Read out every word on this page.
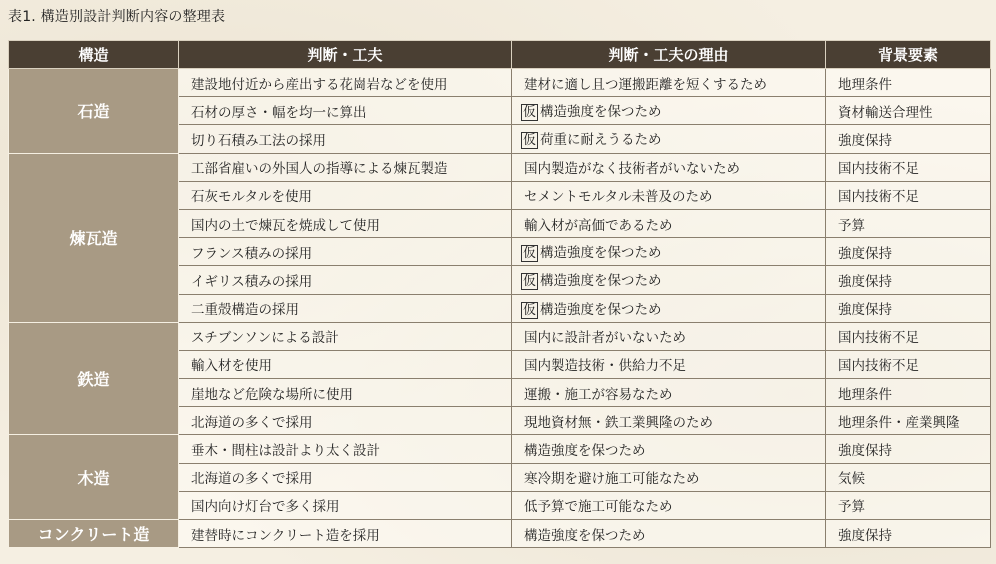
表1. 構造別設計判断内容の整理表
構造	判断・工夫	判断・工夫の理由	背景要素
石造	建設地付近から産出する花崗岩などを使用	建材に適し且つ運搬距離を短くするため	地理条件
	石材の厚さ・幅を均一に算出	仮 構造強度を保つため	資材輸送合理性
	切り石積み工法の採用	仮 荷重に耐えうるため	強度保持
煉瓦造	工部省雇いの外国人の指導による煉瓦製造	国内製造がなく技術者がいないため	国内技術不足
	石灰モルタルを使用	セメントモルタル未普及のため	国内技術不足
	国内の土で煉瓦を焼成して使用	輸入材が高価であるため	予算
	フランス積みの採用	仮 構造強度を保つため	強度保持
	イギリス積みの採用	仮 構造強度を保つため	強度保持
	二重殻構造の採用	仮 構造強度を保つため	強度保持
鉄造	スチブンソンによる設計	国内に設計者がいないため	国内技術不足
	輸入材を使用	国内製造技術・供給力不足	国内技術不足
	崖地など危険な場所に使用	運搬・施工が容易なため	地理条件
	北海道の多くで採用	現地資材無・鉄工業興隆のため	地理条件・産業興隆
木造	垂木・間柱は設計より太く設計	構造強度を保つため	強度保持
	北海道の多くで採用	寒冷期を避け施工可能なため	気候
	国内向け灯台で多く採用	低予算で施工可能なため	予算
コンクリート造	建替時にコンクリート造を採用	構造強度を保つため	強度保持
